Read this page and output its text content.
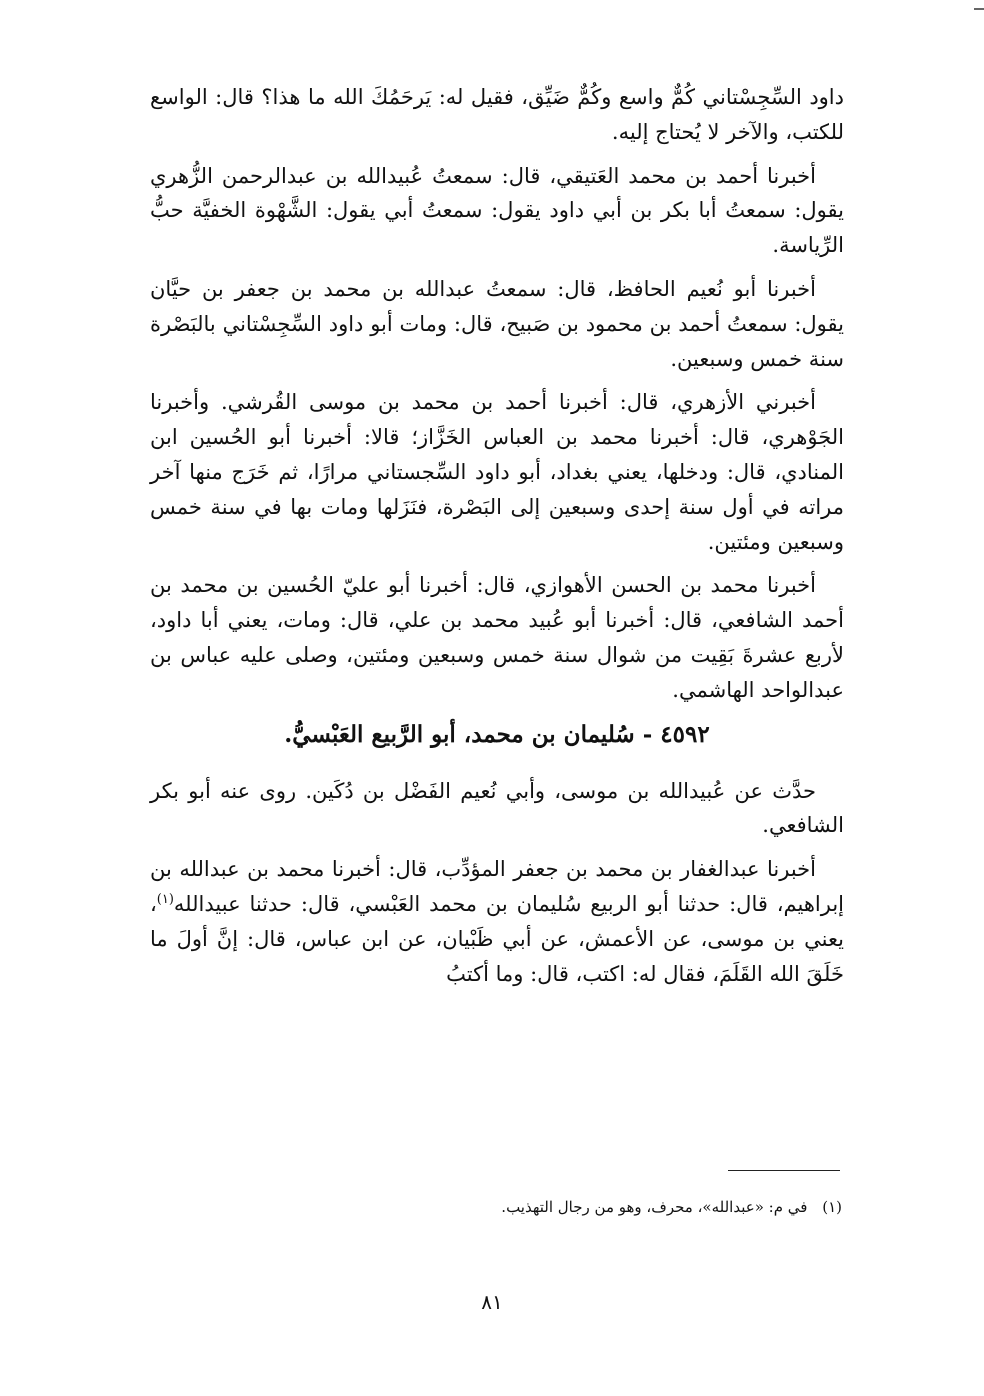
داود السِّجِسْتاني كُمٌّ واسع وكُمٌّ ضَيِّق، فقيل له: يَرحَمُكَ الله ما هذا؟ قال: الواسع للكتب، والآخر لا يُحتاج إليه.

أخبرنا أحمد بن محمد العَتيقي، قال: سمعتُ عُبيدالله بن عبدالرحمن الزُّهري يقول: سمعتُ أبا بكر بن أبي داود يقول: سمعتُ أبي يقول: الشَّهْوة الخفيَّة حبُّ الرِّياسة.

أخبرنا أبو نُعيم الحافظ، قال: سمعتُ عبدالله بن محمد بن جعفر بن حيَّان يقول: سمعتُ أحمد بن محمود بن صَبيح، قال: ومات أبو داود السِّجِسْتاني بالبَصْرة سنة خمس وسبعين.

أخبرني الأزهري، قال: أخبرنا أحمد بن محمد بن موسى القُرشي. وأخبرنا الجَوْهري، قال: أخبرنا محمد بن العباس الخَزَّاز؛ قالا: أخبرنا أبو الحُسين ابن المنادي، قال: ودخلها، يعني بغداد، أبو داود السِّجستاني مرارًا، ثم خَرَج منها آخر مراته في أول سنة إحدى وسبعين إلى البَصْرة، فنَزَلها ومات بها في سنة خمس وسبعين ومئتين.

أخبرنا محمد بن الحسن الأهوازي، قال: أخبرنا أبو عليّ الحُسين بن محمد بن أحمد الشافعي، قال: أخبرنا أبو عُبيد محمد بن علي، قال: ومات، يعني أبا داود، لأربع عشرةَ بَقِيت من شوال سنة خمس وسبعين ومئتين، وصلى عليه عباس بن عبدالواحد الهاشمي.

٤٥٩٢ - سُليمان بن محمد، أبو الرَّبيع العَبْسيُّ.

حدَّث عن عُبيدالله بن موسى، وأبي نُعيم الفَضْل بن دُكَين. روى عنه أبو بكر الشافعي.

أخبرنا عبدالغفار بن محمد بن جعفر المؤدِّب، قال: أخبرنا محمد بن عبدالله بن إبراهيم، قال: حدثنا أبو الربيع سُليمان بن محمد العَبْسي، قال: حدثنا عبيدالله$^{(١)}$، يعني بن موسى، عن الأعمش، عن أبي ظَبْيان، عن ابن عباس، قال: إنَّ أولَ ما خَلَقَ الله القَلَمَ، فقال له: اكتب، قال: وما أكتبُ

(١) في م: «عبدالله»، محرف، وهو من رجال التهذيب.
٨١
